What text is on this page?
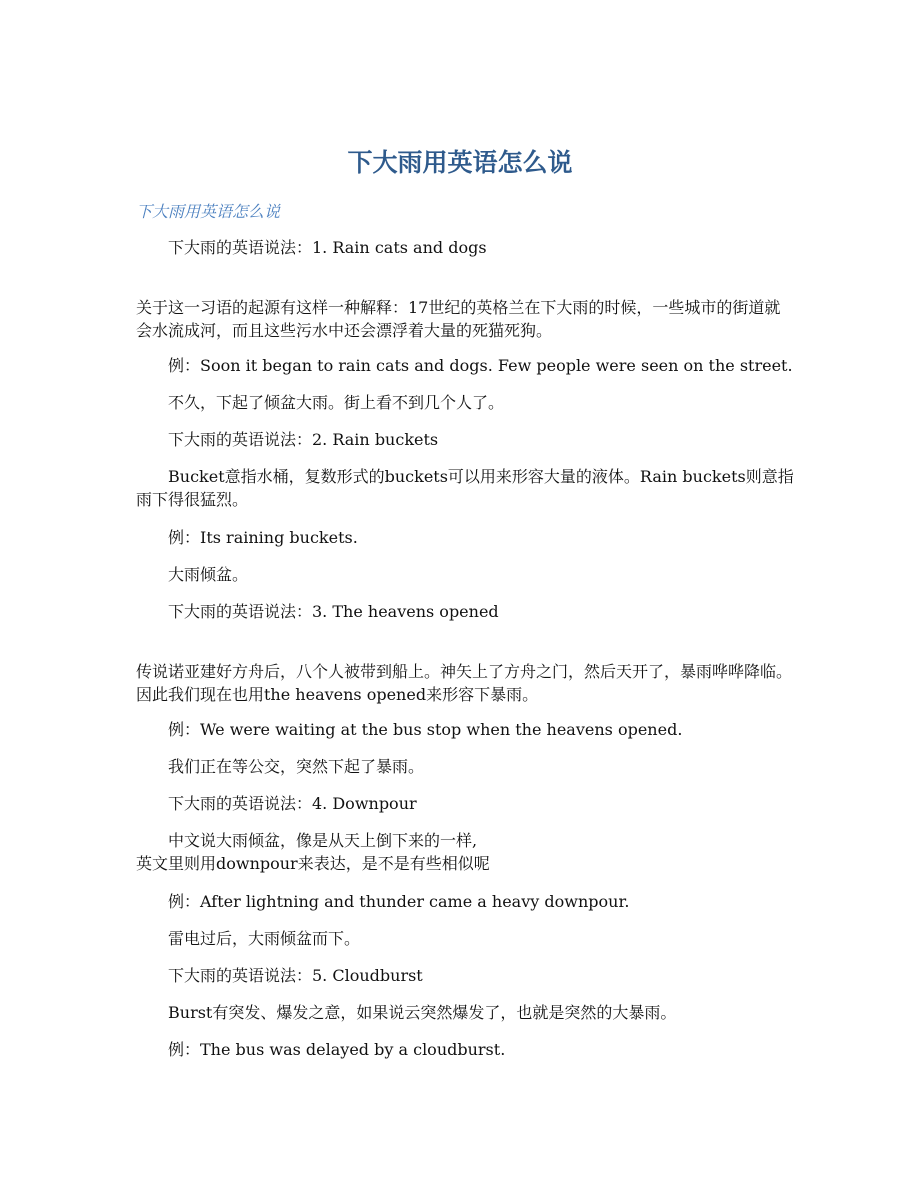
下大雨用英语怎么说
下大雨用英语怎么说

  下大雨的英语说法：1. Rain cats and dogs

关于这一习语的起源有这样一种解释：17世纪的英格兰在下大雨的时候，一些城市的街道就会水流成河，而且这些污水中还会漂浮着大量的死猫死狗。

  例：Soon it began to rain cats and dogs. Few people were seen on the street.

  不久，下起了倾盆大雨。街上看不到几个人了。

  下大雨的英语说法：2. Rain buckets

  Bucket意指水桶，复数形式的buckets可以用来形容大量的液体。Rain buckets则意指雨下得很猛烈。

  例：Its raining buckets.

  大雨倾盆。

  下大雨的英语说法：3. The heavens opened

传说诺亚建好方舟后，八个人被带到船上。神矢上了方舟之门，然后天开了，暴雨哗哗降临。因此我们现在也用the heavens opened来形容下暴雨。

  例：We were waiting at the bus stop when the heavens opened.

  我们正在等公交，突然下起了暴雨。

  下大雨的英语说法：4. Downpour

  中文说大雨倾盆，像是从天上倒下来的一样,
英文里则用downpour来表达，是不是有些相似呢

  例：After lightning and thunder came a heavy downpour.

  雷电过后，大雨倾盆而下。

  下大雨的英语说法：5. Cloudburst

  Burst有突发、爆发之意，如果说云突然爆发了，也就是突然的大暴雨。

  例：The bus was delayed by a cloudburst.
